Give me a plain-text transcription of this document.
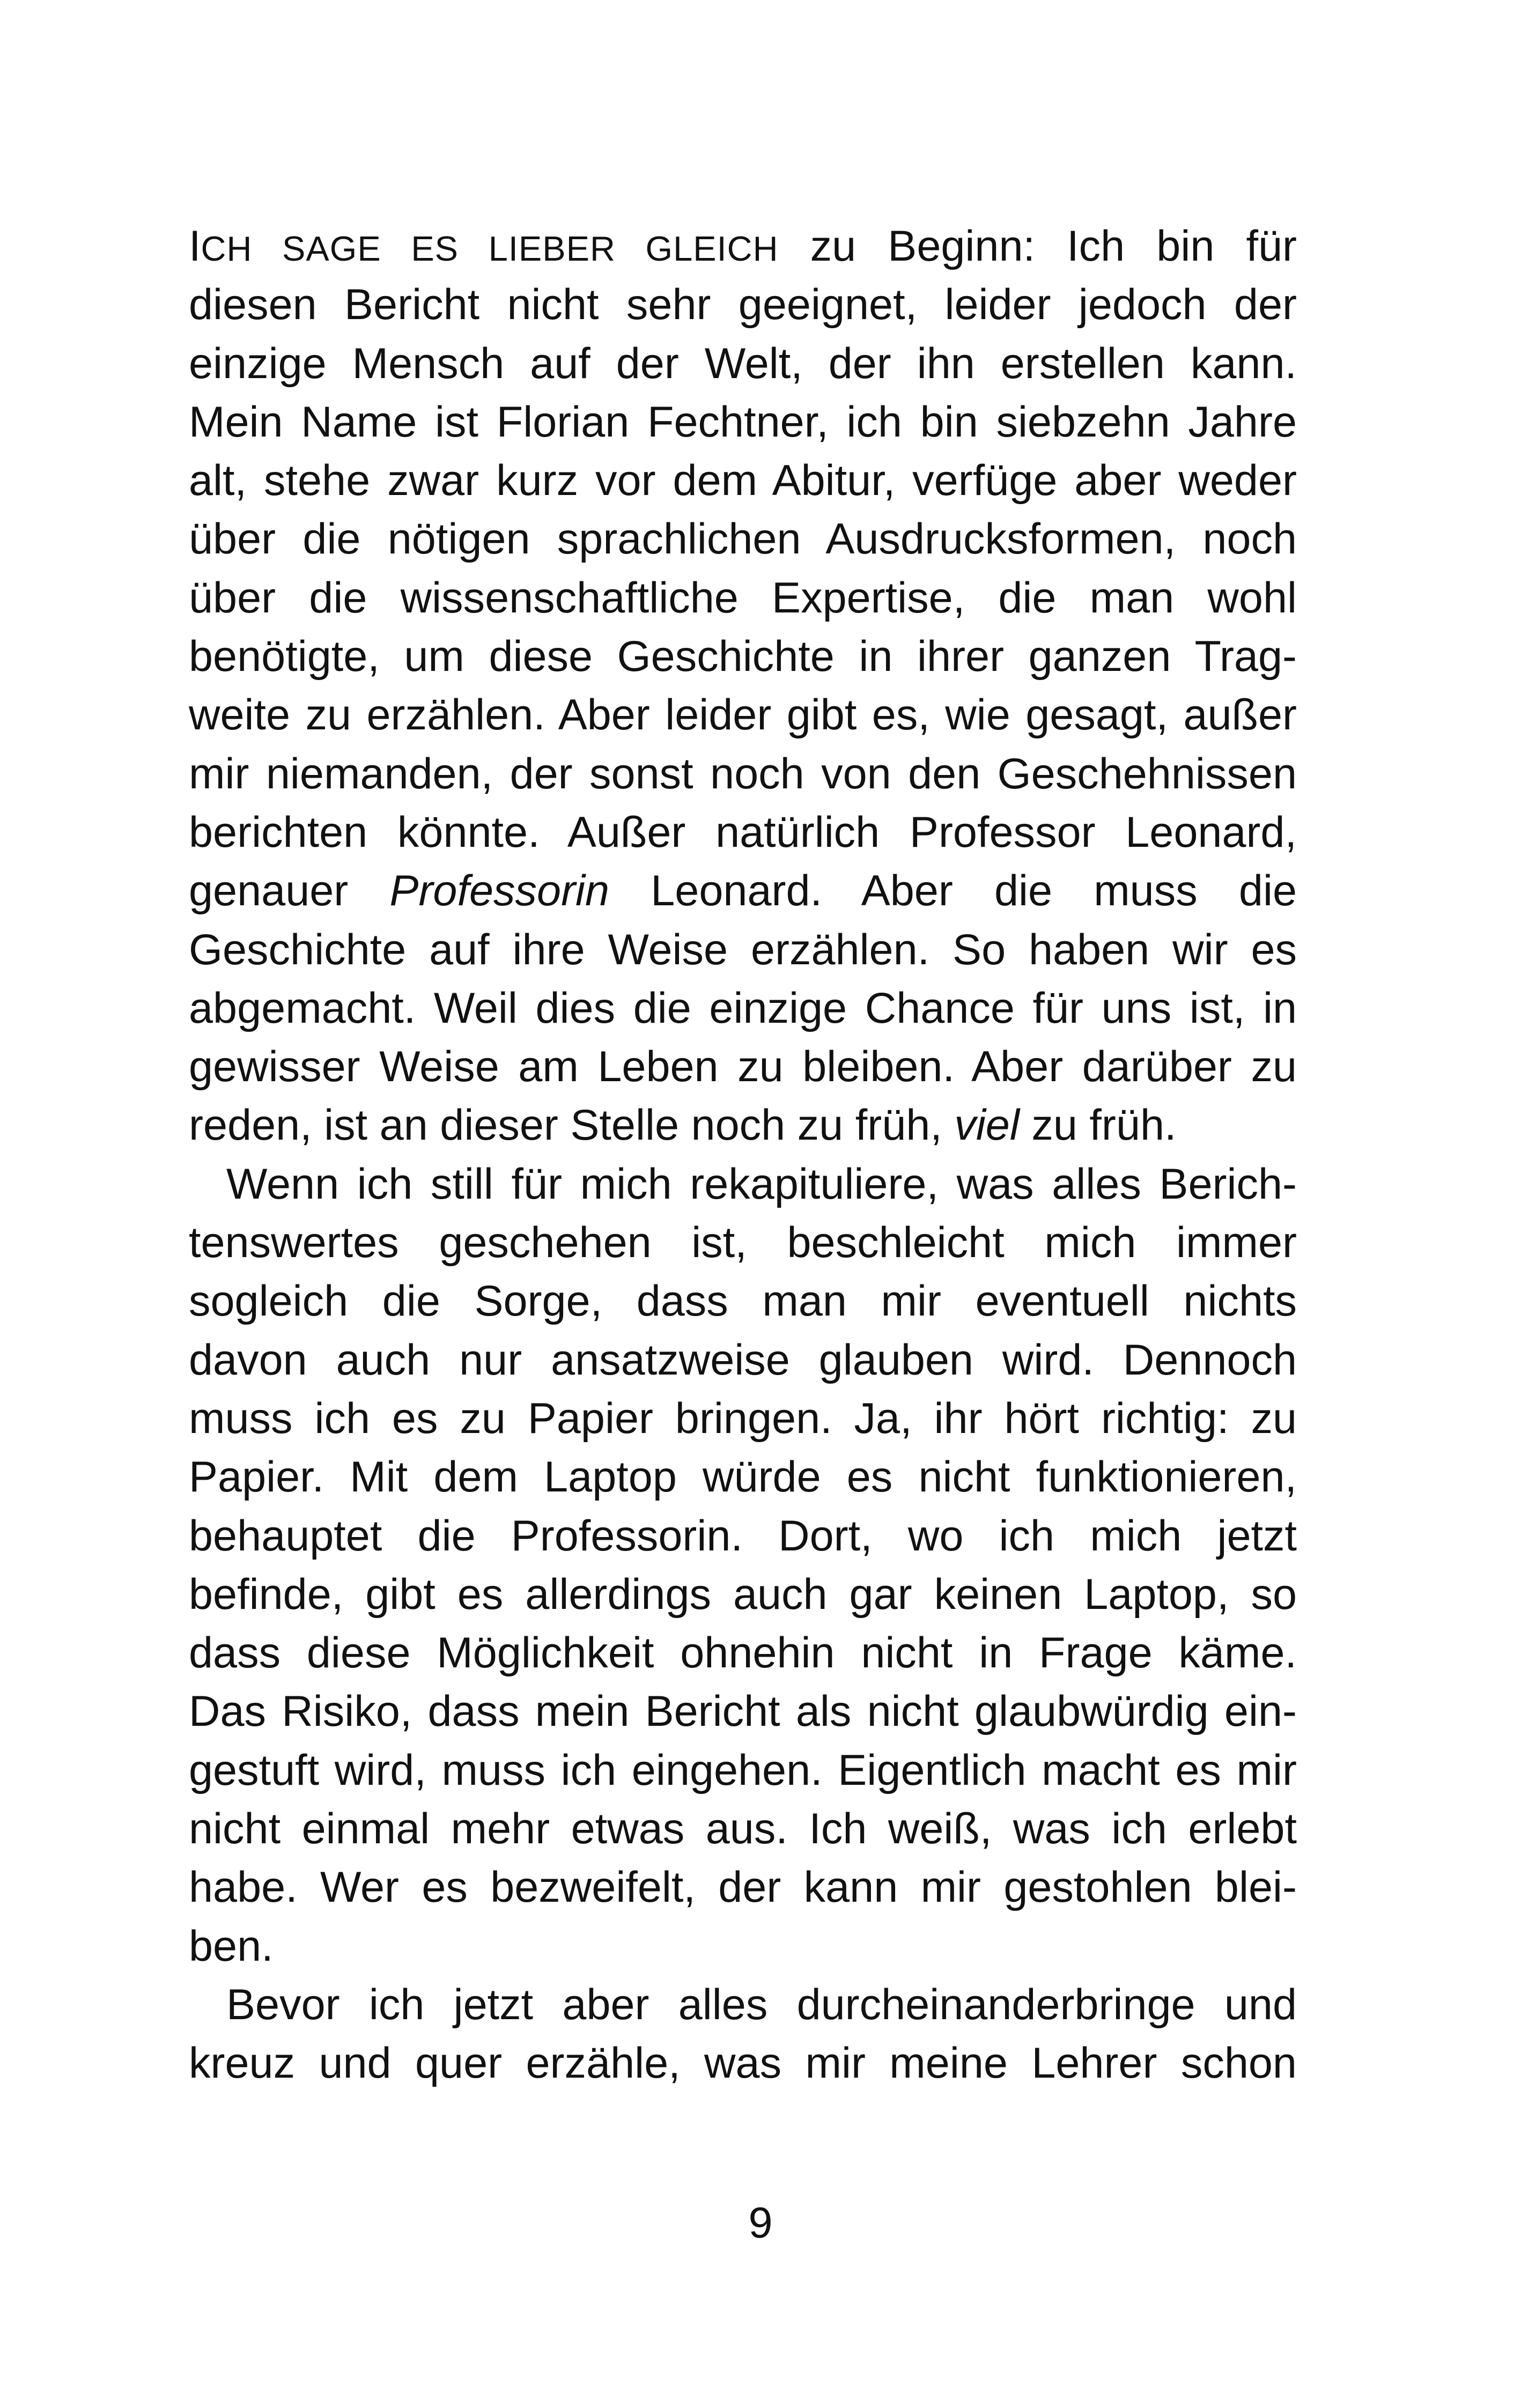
ICH SAGE ES LIEBER GLEICH zu Beginn: Ich bin für
diesen Bericht nicht sehr geeignet, leider jedoch der
einzige Mensch auf der Welt, der ihn erstellen kann.
Mein Name ist Florian Fechtner, ich bin siebzehn Jahre
alt, stehe zwar kurz vor dem Abitur, verfüge aber weder
über die nötigen sprachlichen Ausdrucksformen, noch
über die wissenschaftliche Expertise, die man wohl
benötigte, um diese Geschichte in ihrer ganzen Trag-
weite zu erzählen. Aber leider gibt es, wie gesagt, außer
mir niemanden, der sonst noch von den Geschehnissen
berichten könnte. Außer natürlich Professor Leonard,
genauer Professorin Leonard. Aber die muss die
Geschichte auf ihre Weise erzählen. So haben wir es
abgemacht. Weil dies die einzige Chance für uns ist, in
gewisser Weise am Leben zu bleiben. Aber darüber zu
reden, ist an dieser Stelle noch zu früh, viel zu früh.
Wenn ich still für mich rekapituliere, was alles Berich-
tenswertes geschehen ist, beschleicht mich immer
sogleich die Sorge, dass man mir eventuell nichts
davon auch nur ansatzweise glauben wird. Dennoch
muss ich es zu Papier bringen. Ja, ihr hört richtig: zu
Papier. Mit dem Laptop würde es nicht funktionieren,
behauptet die Professorin. Dort, wo ich mich jetzt
befinde, gibt es allerdings auch gar keinen Laptop, so
dass diese Möglichkeit ohnehin nicht in Frage käme.
Das Risiko, dass mein Bericht als nicht glaubwürdig ein-
gestuft wird, muss ich eingehen. Eigentlich macht es mir
nicht einmal mehr etwas aus. Ich weiß, was ich erlebt
habe. Wer es bezweifelt, der kann mir gestohlen blei-
ben.
Bevor ich jetzt aber alles durcheinanderbringe und
kreuz und quer erzähle, was mir meine Lehrer schon
9
